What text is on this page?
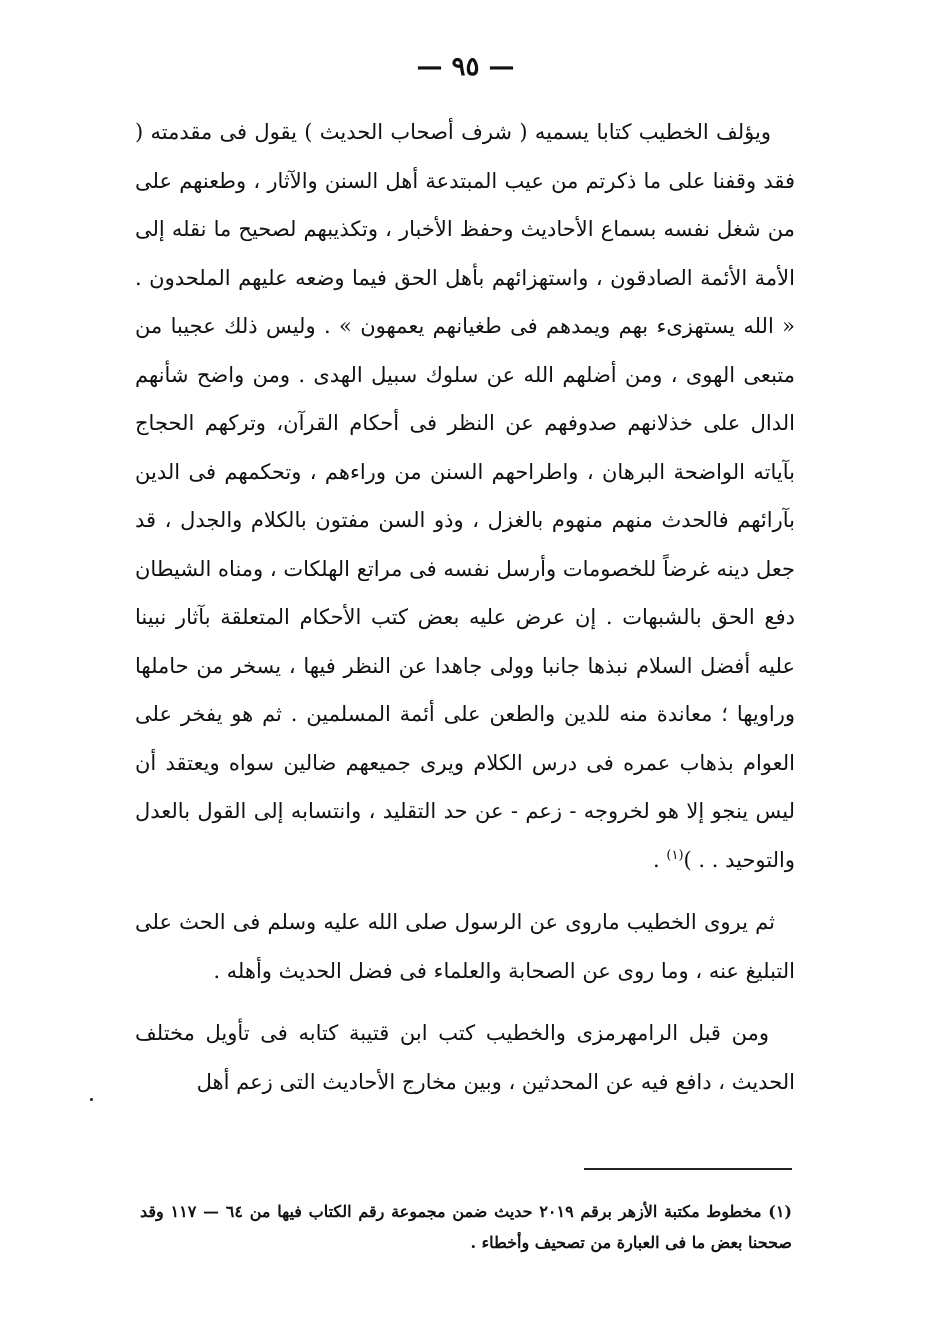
— ٩٥ —

ويؤلف الخطيب كتابا يسميه ( شرف أصحاب الحديث ) يقول فى مقدمته ( فقد وقفنا على ما ذكرتم من عيب المبتدعة أهل السنن والآثار ، وطعنهم على من شغل نفسه بسماع الأحاديث وحفظ الأخبار ، وتكذيبهم لصحيح ما نقله إلى الأمة الأئمة الصادقون ، واستهزائهم بأهل الحق فيما وضعه عليهم الملحدون . « الله يستهزىء بهم ويمدهم فى طغيانهم يعمهون » . وليس ذلك عجيبا من متبعى الهوى ، ومن أضلهم الله عن سلوك سبيل الهدى . ومن واضح شأنهم الدال على خذلانهم صدوفهم عن النظر فى أحكام القرآن، وتركهم الحجاج بآياته الواضحة البرهان ، واطراحهم السنن من وراءهم ، وتحكمهم فى الدين بآرائهم فالحدث منهم منهوم بالغزل ، وذو السن مفتون بالكلام والجدل ، قد جعل دينه غرضاً للخصومات وأرسل نفسه فى مراتع الهلكات ، ومناه الشيطان دفع الحق بالشبهات . إن عرض عليه بعض كتب الأحكام المتعلقة بآثار نبينا عليه أفضل السلام نبذها جانبا وولى جاهدا عن النظر فيها ، يسخر من حاملها وراويها ؛ معاندة منه للدين والطعن على أئمة المسلمين . ثم هو يفخر على العوام بذهاب عمره فى درس الكلام ويرى جميعهم ضالين سواه ويعتقد أن ليس ينجو إلا هو لخروجه - زعم - عن حد التقليد ، وانتسابه إلى القول بالعدل والتوحيد . . )$^{(١)}$ .

ثم يروى الخطيب ماروى عن الرسول صلى الله عليه وسلم فى الحث على التبليغ عنه ، وما روى عن الصحابة والعلماء فى فضل الحديث وأهله .

ومن قبل الرامهرمزى والخطيب كتب ابن قتيبة كتابه فى تأويل مختلف الحديث ، دافع فيه عن المحدثين ، وبين مخارج الأحاديث التى زعم أهل

(١) مخطوط مكتبة الأزهر برقم ٢٠١٩ حديث ضمن مجموعة رقم الكتاب فيها من ٦٤ — ١١٧ وقد صححنا بعض ما فى العبارة من تصحيف وأخطاء .
